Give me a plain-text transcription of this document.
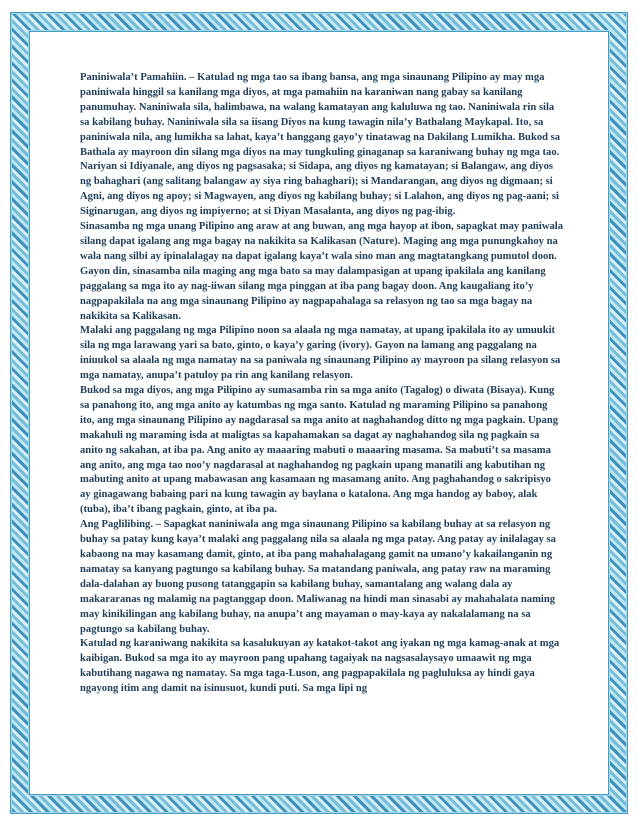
Paniniwala’t Pamahiin. – Katulad ng mga tao sa ibang bansa, ang mga sinaunang Pilipino ay may mga paniniwala hinggil sa kanilang mga diyos, at mga pamahiin na karaniwan nang gabay sa kanilang panumuhay. Naniniwala sila, halimbawa, na walang kamatayan ang kaluluwa ng tao. Naniniwala rin sila sa kabilang buhay. Naniniwala sila sa iisang Diyos na kung tawagin nila’y Bathalang Maykapal. Ito, sa paniniwala nila, ang lumikha sa lahat, kaya’t hanggang gayo’y tinatawag na Dakilang Lumikha. Bukod sa Bathala ay mayroon din silang mga diyos na may tungkuling ginaganap sa karaniwang buhay ng mga tao. Nariyan si Idiyanale, ang diyos ng pagsasaka; si Sidapa, ang diyos ng kamatayan; si Balangaw, ang diyos ng bahaghari (ang salitang balangaw ay siya ring bahaghari); si Mandarangan, ang diyos ng digmaan; si Agni, ang diyos ng apoy; si Magwayen, ang diyos ng kabilang buhay; si Lalahon, ang diyos ng pag-aani; si Siginarugan, ang diyos ng impiyerno; at si Diyan Masalanta, ang diyos ng pag-ibig.

Sinasamba ng mga unang Pilipino ang araw at ang buwan, ang mga hayop at ibon, sapagkat may paniwala silang dapat igalang ang mga bagay na nakikita sa Kalikasan (Nature). Maging ang mga punungkahoy na wala nang silbi ay ipinalalagay na dapat igalang kaya’t wala sino man ang magtatangkang pumutol doon. Gayon din, sinasamba nila maging ang mga bato sa may dalampasigan at upang ipakilala ang kanilang paggalang sa mga ito ay nag-iiwan silang mga pinggan at iba pang bagay doon. Ang kaugaliang ito’y nagpapakilala na ang mga sinaunang Pilipino ay nagpapahalaga sa relasyon ng tao sa mga bagay na nakikita sa Kalikasan.

Malaki ang paggalang ng mga Pilipino noon sa alaala ng mga namatay, at upang ipakilala ito ay umuukit sila ng mga larawang yari sa bato, ginto, o kaya’y garing (ivory). Gayon na lamang ang paggalang na iniuukol sa alaala ng mga namatay na sa paniwala ng sinaunang Pilipino ay mayroon pa silang relasyon sa mga namatay, anupa’t patuloy pa rin ang kanilang relasyon.

Bukod sa mga diyos, ang mga Pilipino ay sumasamba rin sa mga anito (Tagalog) o diwata (Bisaya). Kung sa panahong ito, ang mga anito ay katumbas ng mga santo. Katulad ng maraming Pilipino sa panahong ito, ang mga sinaunang Pilipino ay nagdarasal sa mga anito at naghahandog ditto ng mga pagkain. Upang makahuli ng maraming isda at maligtas sa kapahamakan sa dagat ay naghahandog sila ng pagkain sa anito ng sakahan, at iba pa. Ang anito ay maaaring mabuti o maaaring masama. Sa mabuti’t sa masama ang anito, ang mga tao noo’y nagdarasal at naghahandog ng pagkain upang manatili ang kabutihan ng mabuting anito at upang mabawasan ang kasamaan ng masamang anito. Ang paghahandog o sakripisyo ay ginagawang babaing pari na kung tawagin ay baylana o katalona. Ang mga handog ay baboy, alak (tuba), iba’t ibang pagkain, ginto, at iba pa.

Ang Paglilibing. – Sapagkat naniniwala ang mga sinaunang Pilipino sa kabilang buhay at sa relasyon ng buhay sa patay kung kaya’t malaki ang paggalang nila sa alaala ng mga patay. Ang patay ay inilalagay sa kabaong na may kasamang damit, ginto, at iba pang mahahalagang gamit na umano’y kakailanganin ng namatay sa kanyang pagtungo sa kabilang buhay. Sa matandang paniwala, ang patay raw na maraming dala-dalahan ay buong pusong tatanggapin sa kabilang buhay, samantalang ang walang dala ay makararanas ng malamig na pagtanggap doon. Maliwanag na hindi man sinasabi ay mahahalata naming may kinikilingan ang kabilang buhay, na anupa’t ang mayaman o may-kaya ay nakalalamang na sa pagtungo sa kabilang buhay.

Katulad ng karaniwang nakikita sa kasalukuyan ay katakot-takot ang iyakan ng mga kamag-anak at mga kaibigan. Bukod sa mga ito ay mayroon pang upahang tagaiyak na nagsasalaysayo umaawit ng mga kabutihang nagawa ng namatay. Sa mga taga-Luson, ang pagpapakilala ng pagluluksa ay hindi gaya ngayong itim ang damit na isinusuot, kundi puti. Sa mga lipi ng
